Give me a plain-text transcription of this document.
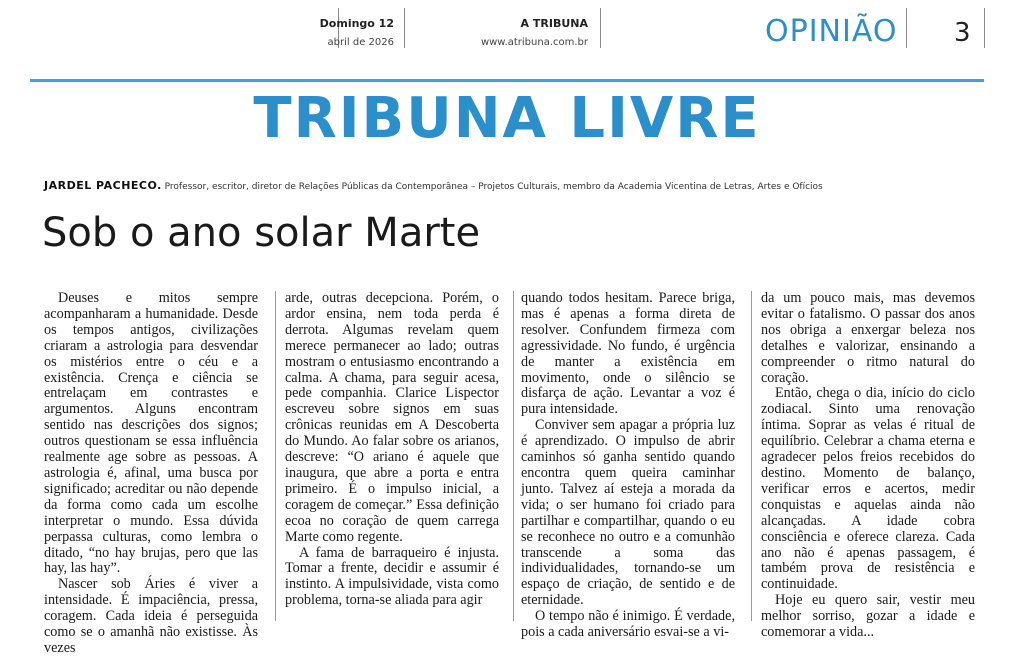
Domingo 12
abril de 2026
A TRIBUNA
www.atribuna.com.br	OPINIÃO 3
TRIBUNA LIVRE
JARDEL PACHECO. Professor, escritor, diretor de Relações Públicas da Contemporânea – Projetos Culturais, membro da Academia Vicentina de Letras, Artes e Ofícios
Sob o ano solar Marte

Deuses e mitos sempre acompanharam a humanidade. Desde os tempos antigos, civilizações criaram a astrologia para desvendar os mistérios entre o céu e a existência. Crença e ciência se entrelaçam em contrastes e argumentos. Alguns encontram sentido nas descrições dos signos; outros questionam se essa influência realmente age sobre as pessoas. A astrologia é, afinal, uma busca por significado; acreditar ou não depende da forma como cada um escolhe interpretar o mundo. Essa dúvida perpassa culturas, como lembra o ditado, “no hay brujas, pero que las hay, las hay”.

Nascer sob Áries é viver a intensidade. É impaciência, pressa, coragem. Cada ideia é perseguida como se o amanhã não existisse. Às vezes

arde, outras decepciona. Porém, o ardor ensina, nem toda perda é derrota. Algumas revelam quem merece permanecer ao lado; outras mostram o entusiasmo encontrando a calma. A chama, para seguir acesa, pede companhia. Clarice Lispector escreveu sobre signos em suas crônicas reunidas em A Descoberta do Mundo. Ao falar sobre os arianos, descreve: “O ariano é aquele que inaugura, que abre a porta e entra primeiro. É o impulso inicial, a coragem de começar.” Essa definição ecoa no coração de quem carrega Marte como regente.

A fama de barraqueiro é injusta. Tomar a frente, decidir e assumir é instinto. A impulsividade, vista como problema, torna-se aliada para agir

quando todos hesitam. Parece briga, mas é apenas a forma direta de resolver. Confundem firmeza com agressividade. No fundo, é urgência de manter a existência em movimento, onde o silêncio se disfarça de ação. Levantar a voz é pura intensidade.

Conviver sem apagar a própria luz é aprendizado. O impulso de abrir caminhos só ganha sentido quando encontra quem queira caminhar junto. Talvez aí esteja a morada da vida; o ser humano foi criado para partilhar e compartilhar, quando o eu se reconhece no outro e a comunhão transcende a soma das individualidades, tornando-se um espaço de criação, de sentido e de eternidade.

O tempo não é inimigo. É verdade, pois a cada aniversário esvai-se a vi-

da um pouco mais, mas devemos evitar o fatalismo. O passar dos anos nos obriga a enxergar beleza nos detalhes e valorizar, ensinando a compreender o ritmo natural do coração.

Então, chega o dia, início do ciclo zodiacal. Sinto uma renovação íntima. Soprar as velas é ritual de equilíbrio. Celebrar a chama eterna e agradecer pelos freios recebidos do destino. Momento de balanço, verificar erros e acertos, medir conquistas e aquelas ainda não alcançadas. A idade cobra consciência e oferece clareza. Cada ano não é apenas passagem, é também prova de resistência e continuidade.

Hoje eu quero sair, vestir meu melhor sorriso, gozar a idade e comemorar a vida...
